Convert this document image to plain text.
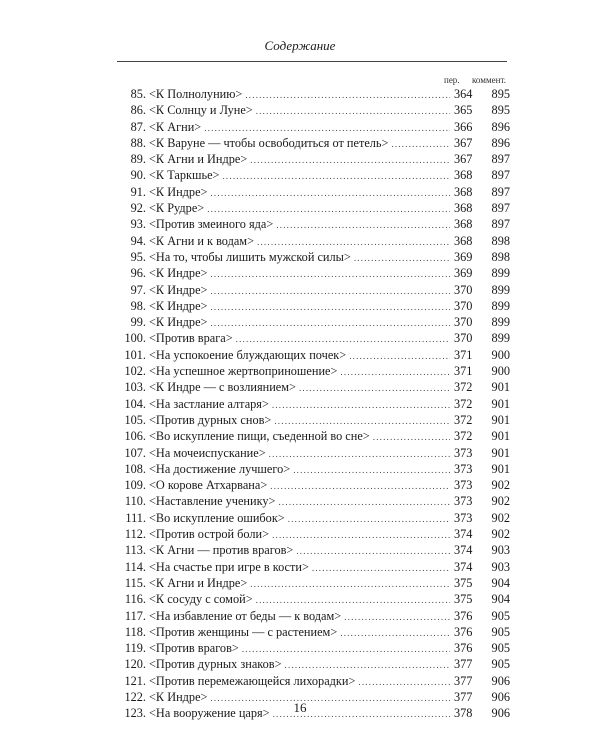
Содержание
пер. коммент.
85. <К Полнолунию> .....	364	895
86. <К Солнцу и Луне> .....	365	895
87. <К Агни> .....	366	896
88. <К Варуне — чтобы освободиться от петель> .....	367	896
89. <К Агни и Индре> .....	367	897
90. <К Таркшье> .....	368	897
91. <К Индре> .....	368	897
92. <К Рудре> .....	368	897
93. <Против змеиного яда> .....	368	897
94. <К Агни и к водам> .....	368	898
95. <На то, чтобы лишить мужской силы> .....	369	898
96. <К Индре> .....	369	899
97. <К Индре> .....	370	899
98. <К Индре> .....	370	899
99. <К Индре> .....	370	899
100. <Против врага> .....	370	899
101. <На успокоение блуждающих почек> .....	371	900
102. <На успешное жертвоприношение> .....	371	900
103. <К Индре — с возлиянием> .....	372	901
104. <На застлание алтаря> .....	372	901
105. <Против дурных снов> .....	372	901
106. <Во искупление пищи, съеденной во сне> .....	372	901
107. <На мочеиспускание> .....	373	901
108. <На достижение лучшего> .....	373	901
109. <О корове Атхарвана> .....	373	902
110. <Наставление ученику> .....	373	902
111. <Во искупление ошибок> .....	373	902
112. <Против острой боли> .....	374	902
113. <К Агни — против врагов> .....	374	903
114. <На счастье при игре в кости> .....	374	903
115. <К Агни и Индре> .....	375	904
116. <К сосуду с сомой> .....	375	904
117. <На избавление от беды — к водам> .....	376	905
118. <Против женщины — с растением> .....	376	905
119. <Против врагов> .....	376	905
120. <Против дурных знаков> .....	377	905
121. <Против перемежающейся лихорадки> .....	377	906
122. <К Индре> .....	377	906
123. <На вооружение царя> .....	378	906
16
